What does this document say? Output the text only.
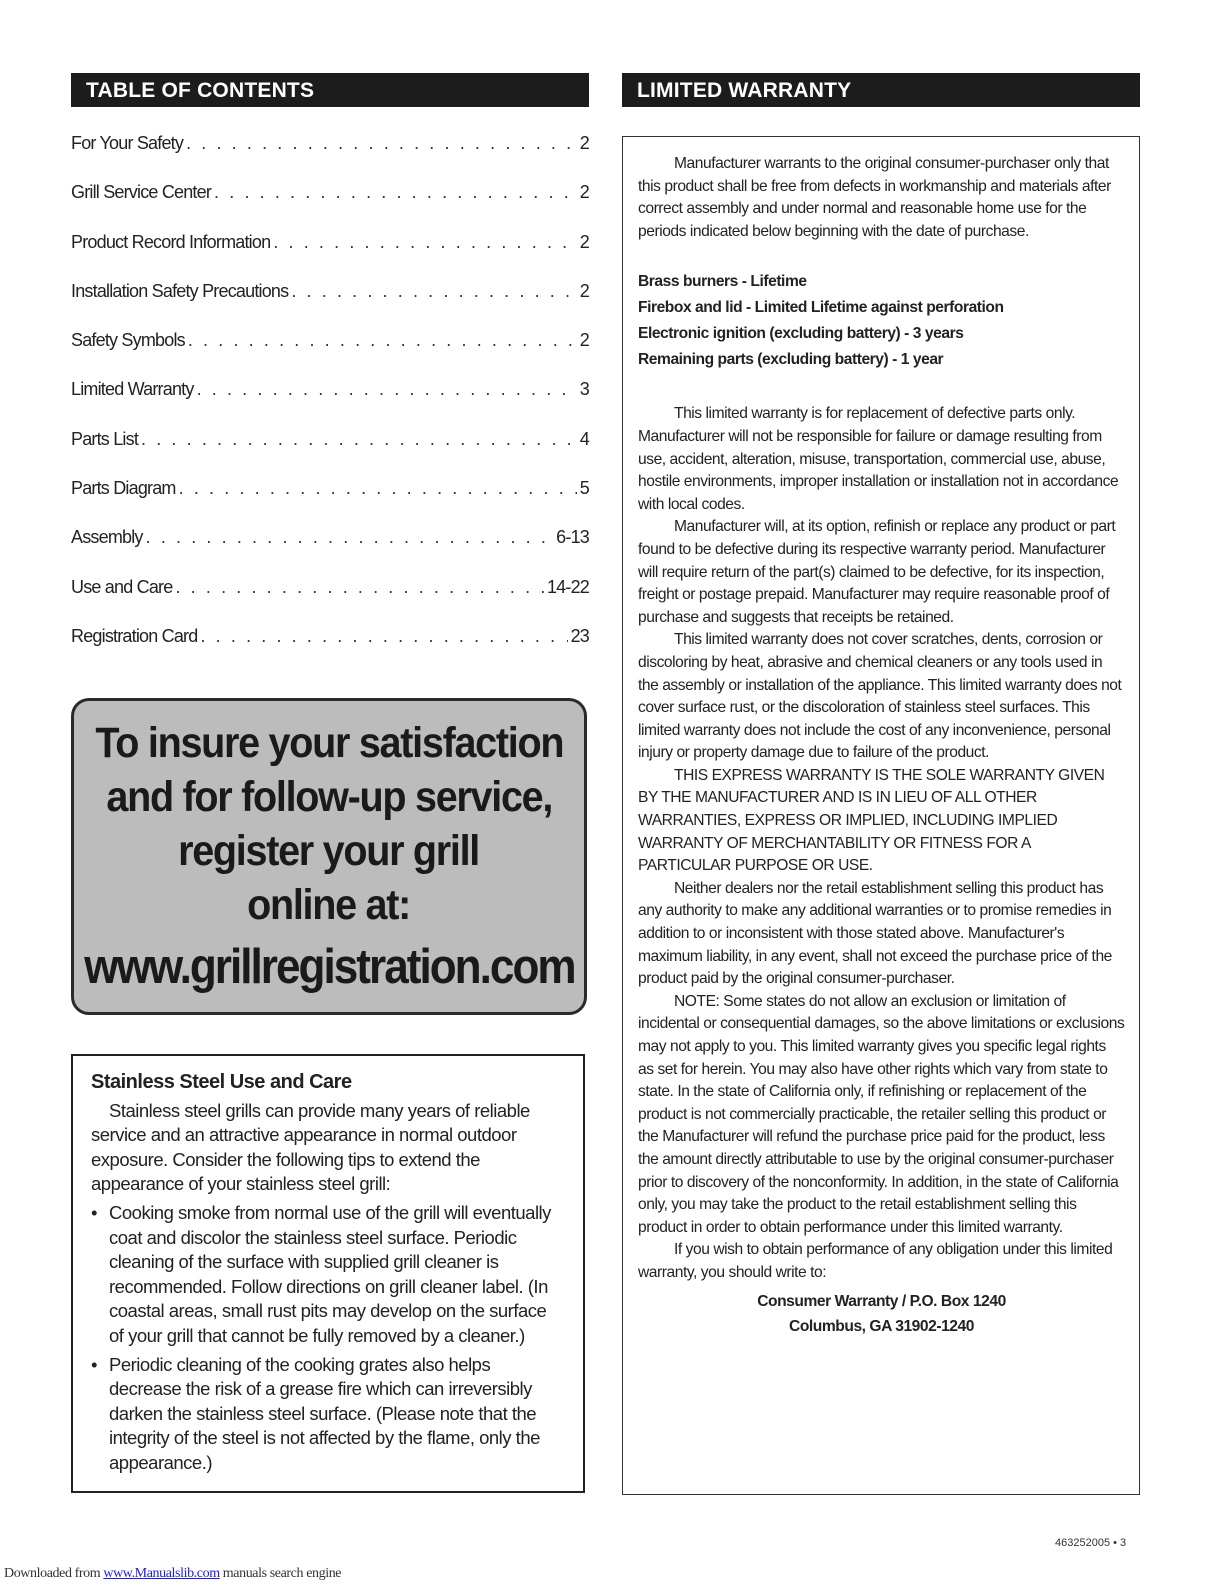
TABLE OF CONTENTS
For Your Safety . . .	2
Grill Service Center . . .	2
Product Record Information . . .	2
Installation Safety Precautions . . .	2
Safety Symbols . . .	2
Limited Warranty . . .	3
Parts List . . .	4
Parts Diagram . . .	5
Assembly . . .	6-13
Use and Care . . .	14-22
Registration Card . . .	23
To insure your satisfaction
and for follow-up service,
register your grill
online at:
www.grillregistration.com
Stainless Steel Use and Care

Stainless steel grills can provide many years of reliable service and an attractive appearance in normal outdoor exposure. Consider the following tips to extend the appearance of your stainless steel grill:

• Cooking smoke from normal use of the grill will eventually coat and discolor the stainless steel surface. Periodic cleaning of the surface with supplied grill cleaner is recommended. Follow directions on grill cleaner label. (In coastal areas, small rust pits may develop on the surface of your grill that cannot be fully removed by a cleaner.)
• Periodic cleaning of the cooking grates also helps decrease the risk of a grease fire which can irreversibly darken the stainless steel surface. (Please note that the integrity of the steel is not affected by the flame, only the appearance.)
LIMITED WARRANTY

Manufacturer warrants to the original consumer-purchaser only that this product shall be free from defects in workmanship and materials after correct assembly and under normal and reasonable home use for the periods indicated below beginning with the date of purchase.

Brass burners - Lifetime
Firebox and lid - Limited Lifetime against perforation
Electronic ignition (excluding battery) - 3 years
Remaining parts (excluding battery) - 1 year

This limited warranty is for replacement of defective parts only. Manufacturer will not be responsible for failure or damage resulting from use, accident, alteration, misuse, transportation, commercial use, abuse, hostile environments, improper installation or installation not in accordance with local codes.

Manufacturer will, at its option, refinish or replace any product or part found to be defective during its respective warranty period. Manufacturer will require return of the part(s) claimed to be defective, for its inspection, freight or postage prepaid. Manufacturer may require reasonable proof of purchase and suggests that receipts be retained.

This limited warranty does not cover scratches, dents, corrosion or discoloring by heat, abrasive and chemical cleaners or any tools used in the assembly or installation of the appliance. This limited warranty does not cover surface rust, or the discoloration of stainless steel surfaces. This limited warranty does not include the cost of any inconvenience, personal injury or property damage due to failure of the product.

THIS EXPRESS WARRANTY IS THE SOLE WARRANTY GIVEN BY THE MANUFACTURER AND IS IN LIEU OF ALL OTHER WARRANTIES, EXPRESS OR IMPLIED, INCLUDING IMPLIED WARRANTY OF MERCHANTABILITY OR FITNESS FOR A PARTICULAR PURPOSE OR USE.

Neither dealers nor the retail establishment selling this product has any authority to make any additional warranties or to promise remedies in addition to or inconsistent with those stated above. Manufacturer's maximum liability, in any event, shall not exceed the purchase price of the product paid by the original consumer-purchaser.

NOTE: Some states do not allow an exclusion or limitation of incidental or consequential damages, so the above limitations or exclusions may not apply to you. This limited warranty gives you specific legal rights as set for herein. You may also have other rights which vary from state to state. In the state of California only, if refinishing or replacement of the product is not commercially practicable, the retailer selling this product or the Manufacturer will refund the purchase price paid for the product, less the amount directly attributable to use by the original consumer-purchaser prior to discovery of the nonconformity. In addition, in the state of California only, you may take the product to the retail establishment selling this product in order to obtain performance under this limited warranty.

If you wish to obtain performance of any obligation under this limited warranty, you should write to:

Consumer Warranty / P.O. Box 1240
Columbus, GA 31902-1240
463252005 • 3
Downloaded from www.Manualslib.com manuals search engine
